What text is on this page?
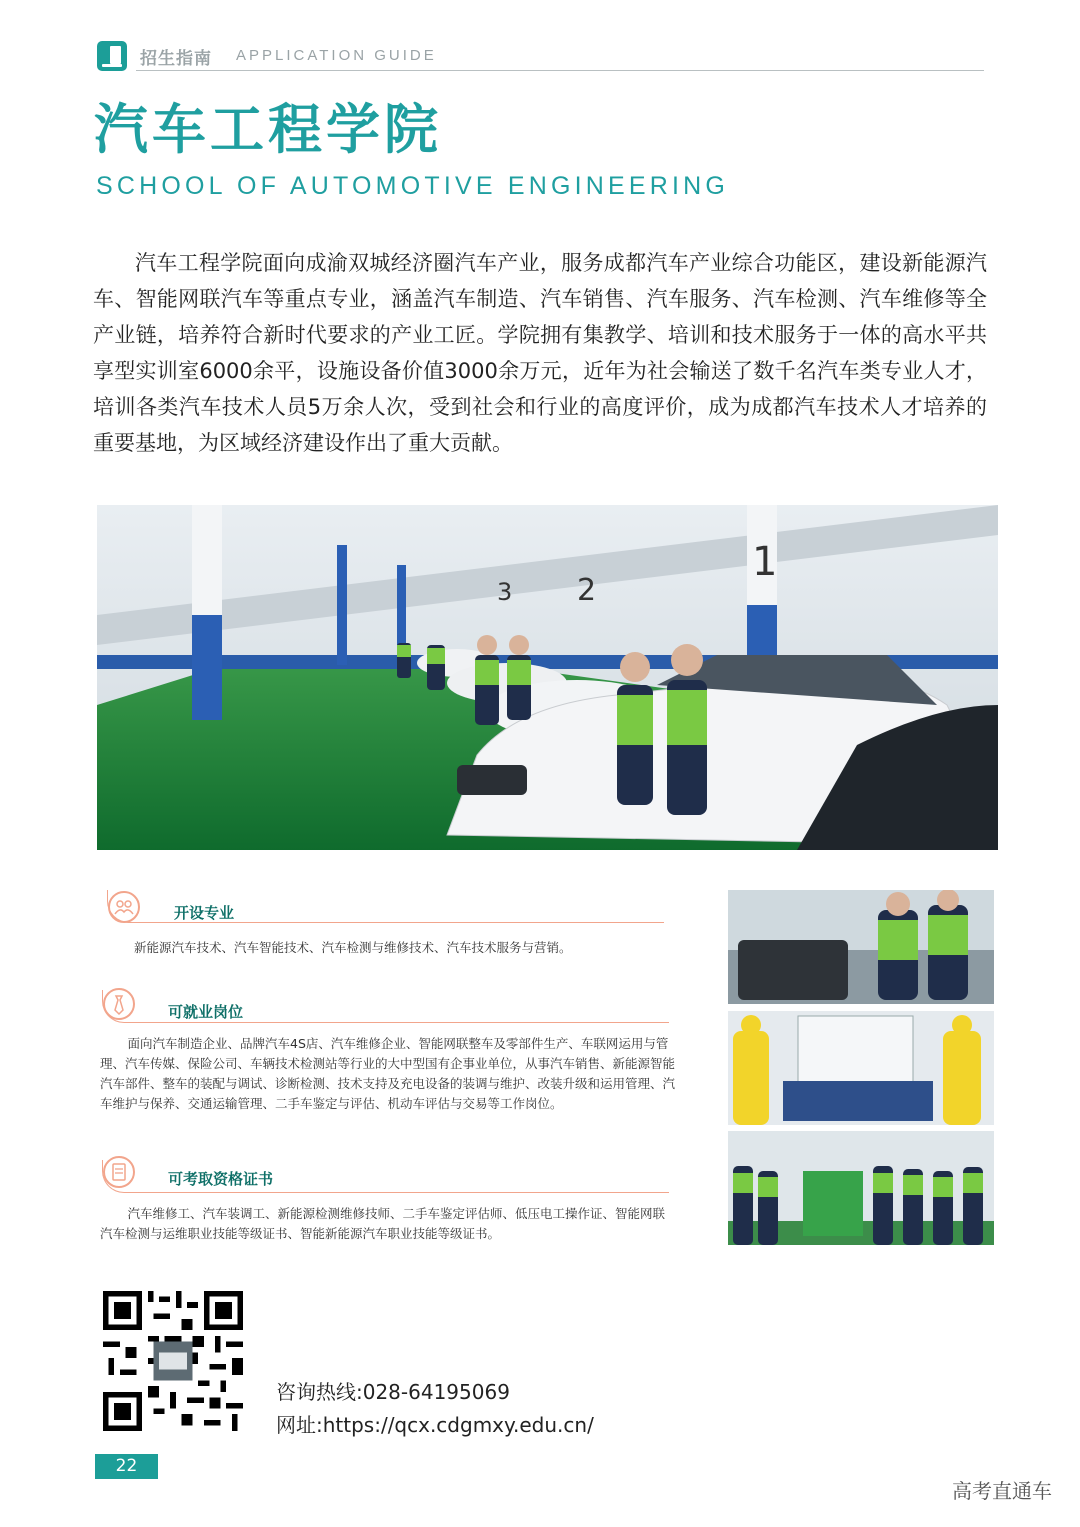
招生指南 APPLICATION GUIDE
汽车工程学院
SCHOOL OF AUTOMOTIVE ENGINEERING

汽车工程学院面向成渝双城经济圈汽车产业，服务成都汽车产业综合功能区，建设新能源汽车、智能网联汽车等重点专业，涵盖汽车制造、汽车销售、汽车服务、汽车检测、汽车维修等全产业链，培养符合新时代要求的产业工匠。学院拥有集教学、培训和技术服务于一体的高水平共享型实训室6000余平，设施设备价值3000余万元，近年为社会输送了数千名汽车类专业人才，培训各类汽车技术人员5万余人次，受到社会和行业的高度评价，成为成都汽车技术人才培养的重要基地，为区域经济建设作出了重大贡献。

1
2
3
开设专业
新能源汽车技术、汽车智能技术、汽车检测与维修技术、汽车技术服务与营销。
可就业岗位
面向汽车制造企业、品牌汽车4S店、汽车维修企业、智能网联整车及零部件生产、车联网运用与管理、汽车传媒、保险公司、车辆技术检测站等行业的大中型国有企事业单位，从事汽车销售、新能源智能汽车部件、整车的装配与调试、诊断检测、技术支持及充电设备的装调与维护、改装升级和运用管理、汽车维护与保养、交通运输管理、二手车鉴定与评估、机动车评估与交易等工作岗位。
可考取资格证书
汽车维修工、汽车装调工、新能源检测维修技师、二手车鉴定评估师、低压电工操作证、智能网联汽车检测与运维职业技能等级证书、智能新能源汽车职业技能等级证书。
咨询热线:028-64195069
网址:https://qcx.cdgmxy.edu.cn/
22
高考直通车
